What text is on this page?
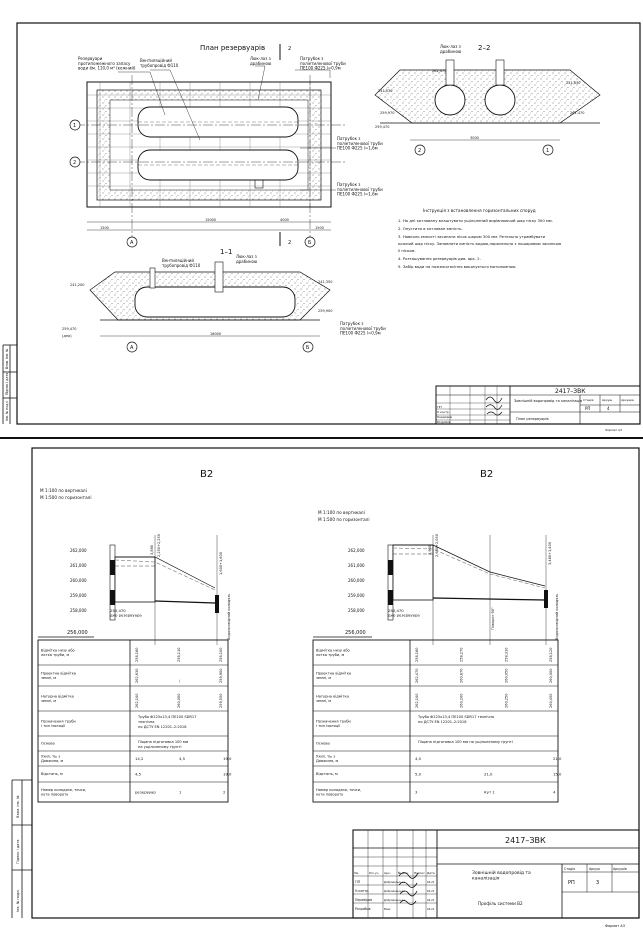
Взам. інв. №
Підпис і дата
Інв. № подл.
План резервуарів
1
2
А	Б
15000	4000
1500	1500
2
2
Резервуари протипожежного запасу води ём. 110,0 м³ (кожний)
Вентиляційний трубопровід Ф110
Люк-лаз з драбиною
Патрубок з поліетиленової труби ПЕ100 Ф225 l=0,9м
Патрубок з поліетиленової труби ПЕ100 Ф225 l=1,6м
Патрубок з поліетиленової труби ПЕ100 Ф225 l=1,6м
2–2
2	1
3000
241,030
241,630
259,970
259,470
261,470
262,470
Люк-лаз з драбиною
Інструкція з встановлення горизонтальних споруд
1. На дні котловану влаштувати ущільнений вирівнюючий шар піску 300 мм.
2. Опустити в котлован ємність.
3. Навколо ємності засипати пісок шаром 300 мм. Ретельно утрамбувати
кожний шар піску. Заповнити ємність водою,паралельно з пошаровою засипкою
її піском.
4. Розташування резервуарів див. арк. 2.
5. Забір води на пожежогасіння виконується мотопомпою.
1–1
А	Б
18000
241,200
241,350
259,900
259,470
(дно)
Вентиляційний трубопровід Ф110
Люк-лаз з драбиною
Патрубок з поліетиленової труби ПЕ100 Ф225 l=0,9м
2417–ЗВК
Зовнішній водопровід та каналізація Стадія	Аркуш	Аркушів
РП	4
План резервуарів
ГІП
Н.контр.
Перевірив
Розробив
Формат А3
Взам. інв. №
Підпис і дата
Інв. № подл.
В2
М 1:100 по вертикалі
М 1:500 по горизонталі
262,000
261,000
260,000
259,000
258,000
3,890 2,250+2,250
1,600+1,600
Водопровідний колодязь
250,470 дно резервуара
256,000
Відмітка низу або лотка труби, м	258,180	258,110	258,100
Проектна відмітка землі, м	262,630	—	259,900
Натурна відмітка землі, м	262,100	260,000	259,550
Позначення труби і тип ізоляції
Труба Ф225х13,4 ПЕ100 SDR17 технічна по ДСТУ EN 12201–2:2018
Основа	Піщана підготовка 100 мм на ущільненому ґрунті
Ухил, ‰ з Довжина, м	14,2	4,5	19,0
Відстань, м	4,5	19,0
Номер колодязя, точки, кута повороту	резервуар	1	2
В2
М 1:100 по вертикалі
М 1:500 по горизонталі
262,000
261,000
260,000
259,000
258,000
3,980 2,600+2,050	3,480+1,400
Поворот 90°	Водопровідний колодязь
250,470 дно резервуара
256,000
Відмітка низу або лотка труби, м	258,180	258,270	258,310	258,120
Проектна відмітка землі, м	262,470	260,870	260,050	260,000
Натурна відмітка землі, м	262,100	260,200	260,250	260,450
Позначення труби і тип ізоляції
Труба Ф225х13,4 ПЕ100 SDR17 технічна по ДСТУ EN 12201–2:2018
Основа	Піщана підготовка 100 мм на ущільненому ґрунті
Ухил, ‰ з Довжина, м	4,0	21,0
Відстань, м	5,0	21,0	15,0
Номер колодязя, точки, кута повороту	3	Кут 1	4
Зм.	Кіл.уч. Арк. № док. Підпис Дата
ГІП
Н.контр.
Перевірив
Розробив
Добровольська
Добровольська
Добровольська
Вовк
04.21
04.21
04.21
04.21
2417–ЗВК
Зовнішній водопровід та каналізація
Стадія	Аркуш	Аркушів
РП	3
Профіль системи В2
Формат А3
